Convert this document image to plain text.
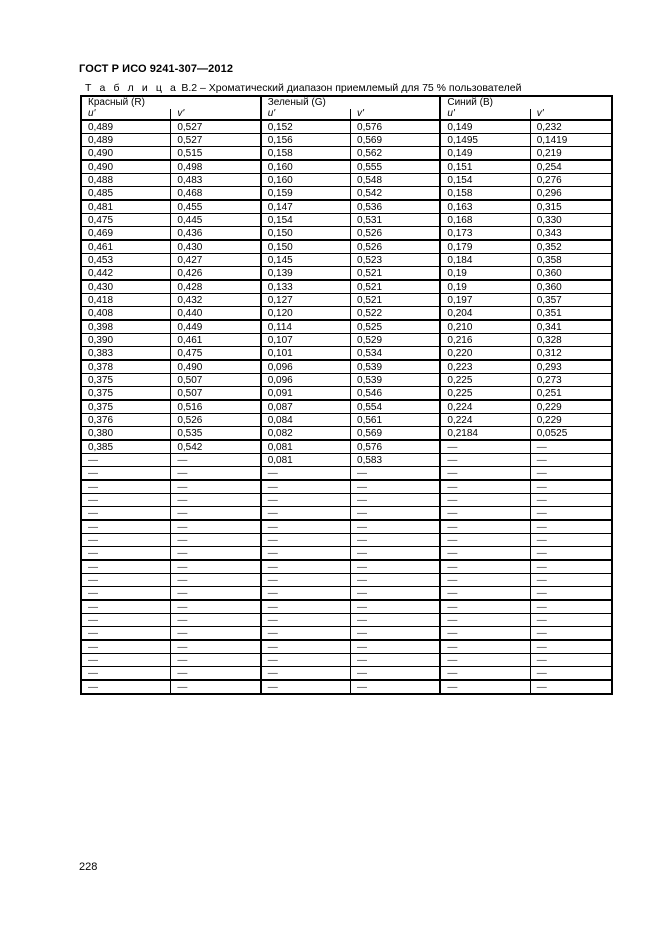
ГОСТ Р ИСО 9241-307—2012
Т а б л и ц а B.2 – Хроматический диапазон приемлемый для 75 % пользователей
Красный (R)		Зеленый (G)		Синий (B)	
u'	v'	u'	v'	u'	v'
0,489	0,527	0,152	0,576	0,149	0,232
0,489	0,527	0,156	0,569	0,1495	0,1419
0,490	0,515	0,158	0,562	0,149	0,219
0,490	0,498	0,160	0,555	0,151	0,254
0,488	0,483	0,160	0,548	0,154	0,276
0,485	0,468	0,159	0,542	0,158	0,296
0,481	0,455	0,147	0,536	0,163	0,315
0,475	0,445	0,154	0,531	0,168	0,330
0,469	0,436	0,150	0,526	0,173	0,343
0,461	0,430	0,150	0,526	0,179	0,352
0,453	0,427	0,145	0,523	0,184	0,358
0,442	0,426	0,139	0,521	0,19	0,360
0,430	0,428	0,133	0,521	0,19	0,360
0,418	0,432	0,127	0,521	0,197	0,357
0,408	0,440	0,120	0,522	0,204	0,351
0,398	0,449	0,114	0,525	0,210	0,341
0,390	0,461	0,107	0,529	0,216	0,328
0,383	0,475	0,101	0,534	0,220	0,312
0,378	0,490	0,096	0,539	0,223	0,293
0,375	0,507	0,096	0,539	0,225	0,273
0,375	0,507	0,091	0,546	0,225	0,251
0,375	0,516	0,087	0,554	0,224	0,229
0,376	0,526	0,084	0,561	0,224	0,229
0,380	0,535	0,082	0,569	0,2184	0,0525
0,385	0,542	0,081	0,576	—	—
—	—	0,081	0,583	—	—
—	—	—	—	—	—
—	—	—	—	—	—
—	—	—	—	—	—
—	—	—	—	—	—
—	—	—	—	—	—
—	—	—	—	—	—
—	—	—	—	—	—
—	—	—	—	—	—
—	—	—	—	—	—
—	—	—	—	—	—
—	—	—	—	—	—
—	—	—	—	—	—
—	—	—	—	—	—
—	—	—	—	—	—
—	—	—	—	—	—
—	—	—	—	—	—
—	—	—	—	—	—
228
